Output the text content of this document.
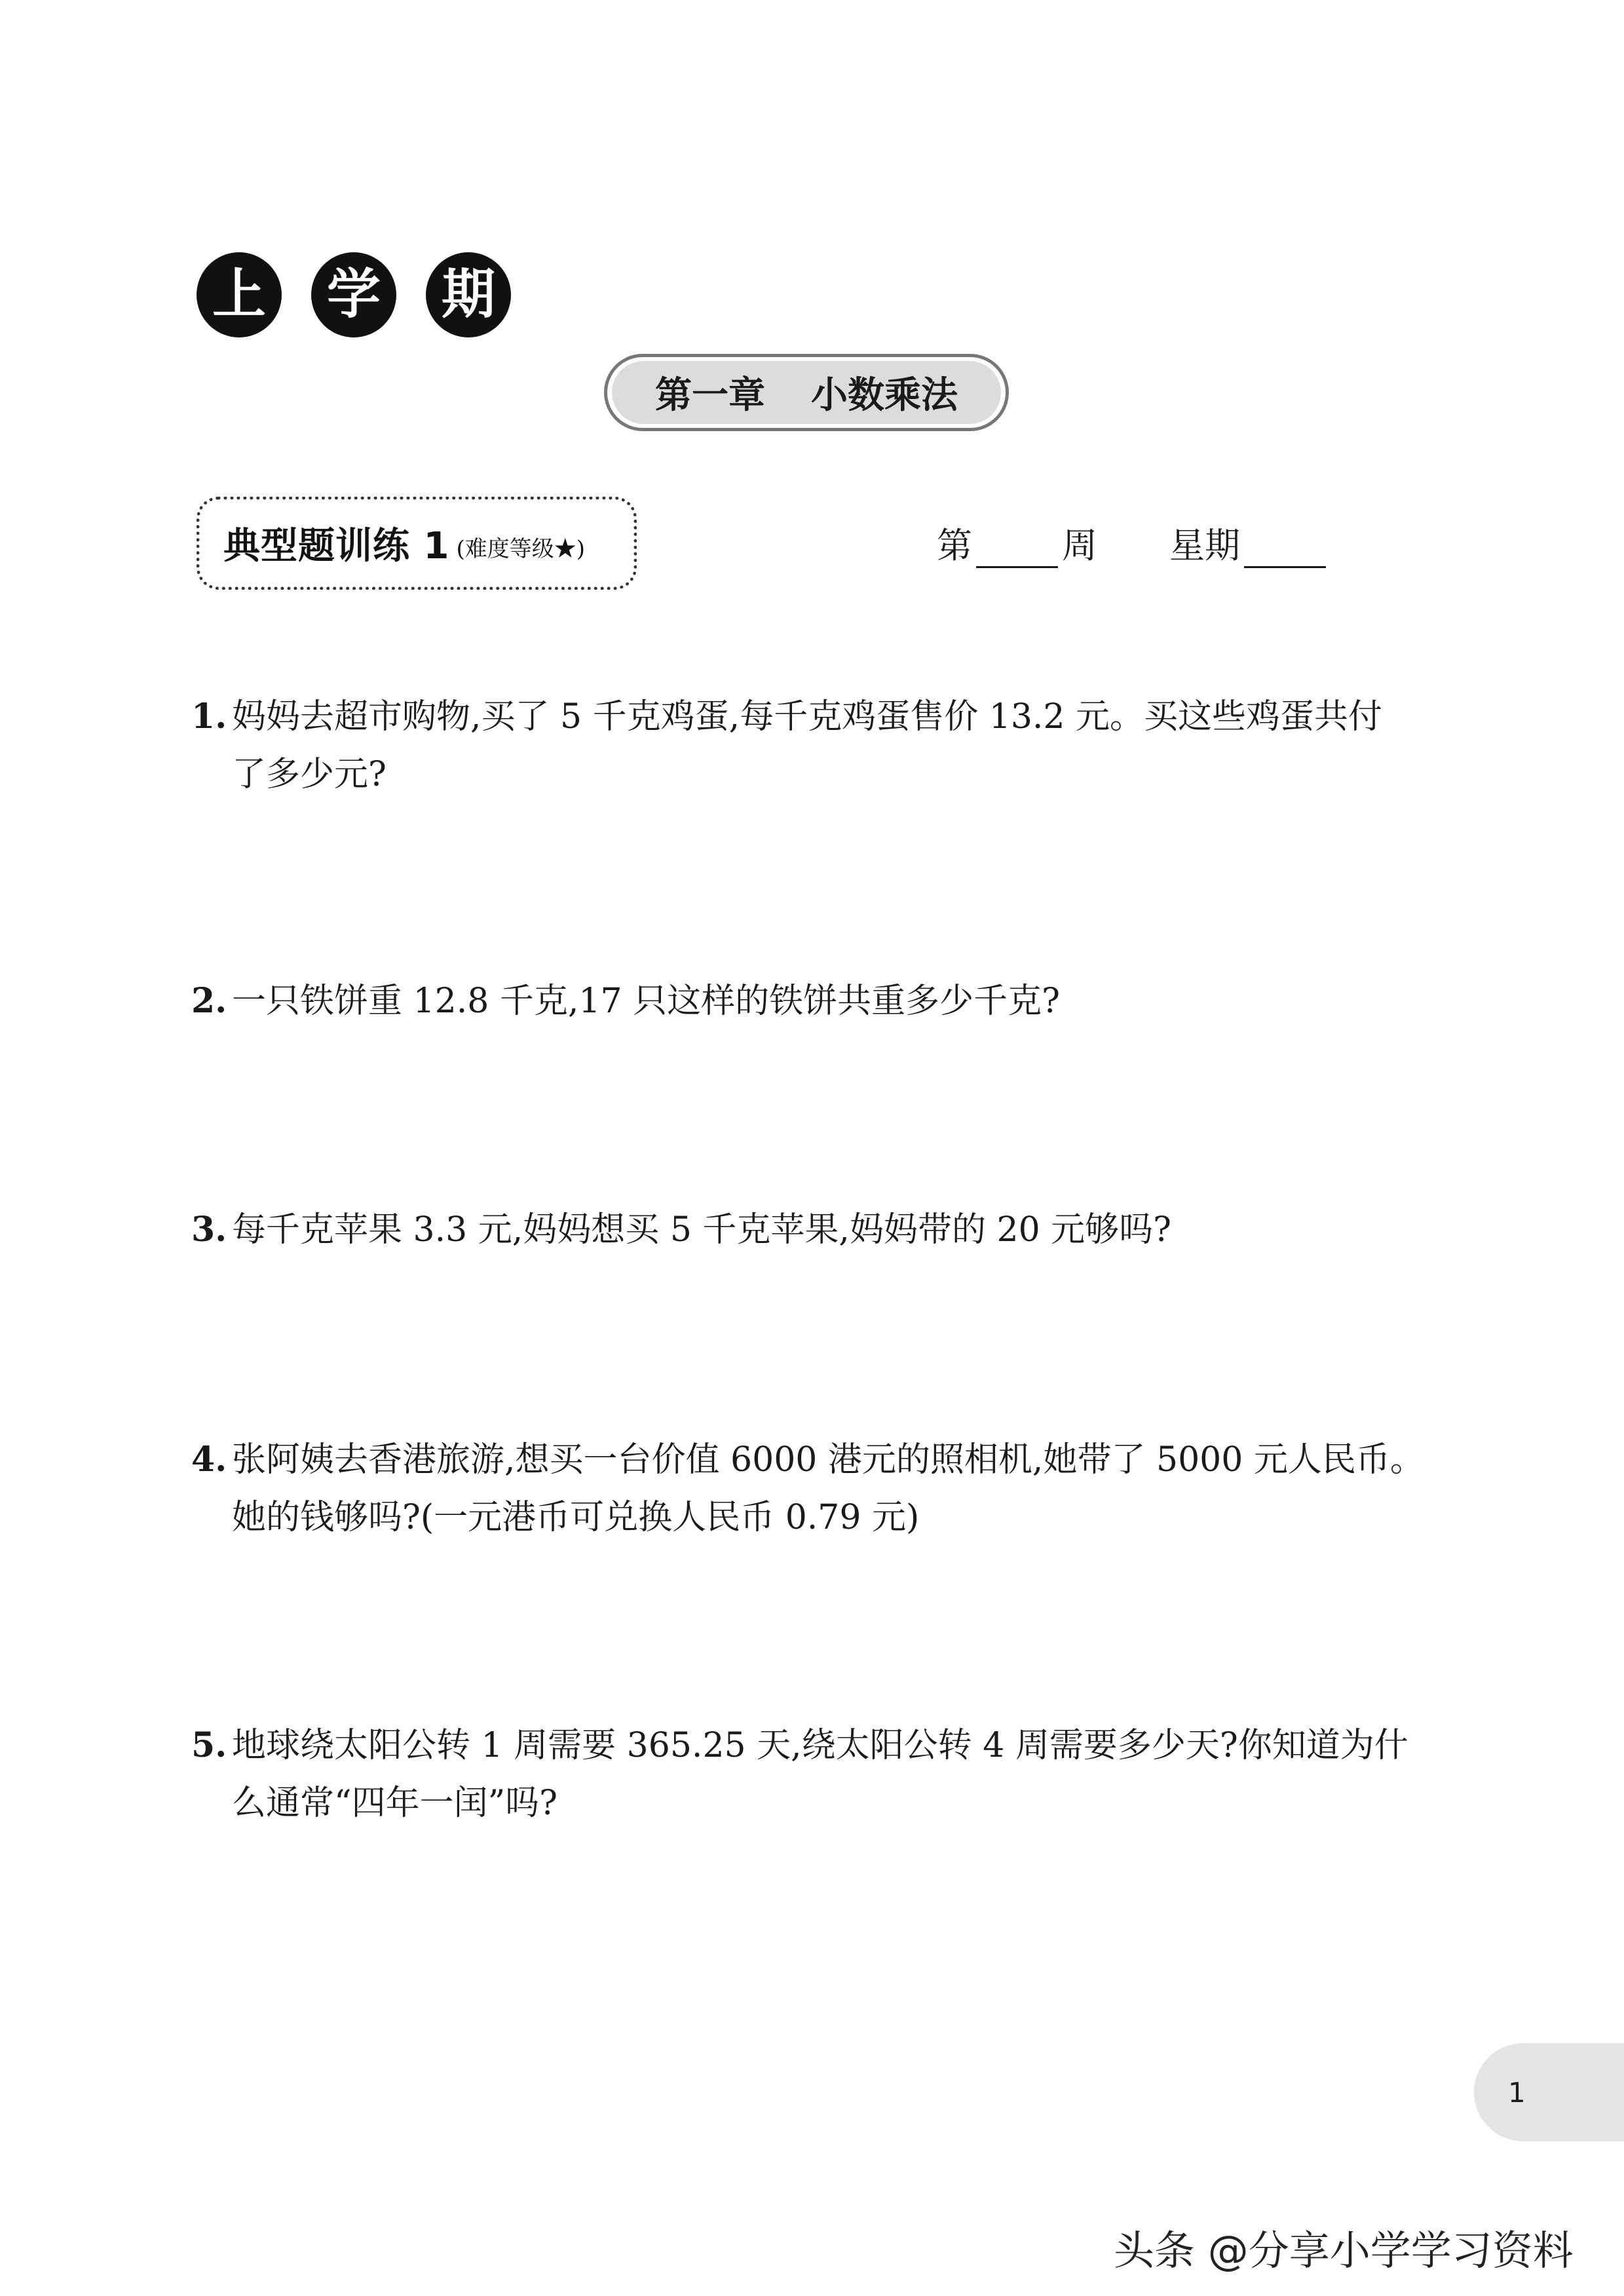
上 学 期
第一章 小数乘法
典型题训练 1 (难度等级★)	第	周 星期
1. 妈妈去超市购物,买了 5 千克鸡蛋,每千克鸡蛋售价 13.2 元。买这些鸡蛋共付
了多少元?
2. 一只铁饼重 12.8 千克,17 只这样的铁饼共重多少千克?
3. 每千克苹果 3.3 元,妈妈想买 5 千克苹果,妈妈带的 20 元够吗?
4. 张阿姨去香港旅游,想买一台价值 6000 港元的照相机,她带了 5000 元人民币。
她的钱够吗?(一元港币可兑换人民币 0.79 元)
5. 地球绕太阳公转 1 周需要 365.25 天,绕太阳公转 4 周需要多少天?你知道为什
么通常“四年一闰”吗?
1
头条 @分享小学学习资料
